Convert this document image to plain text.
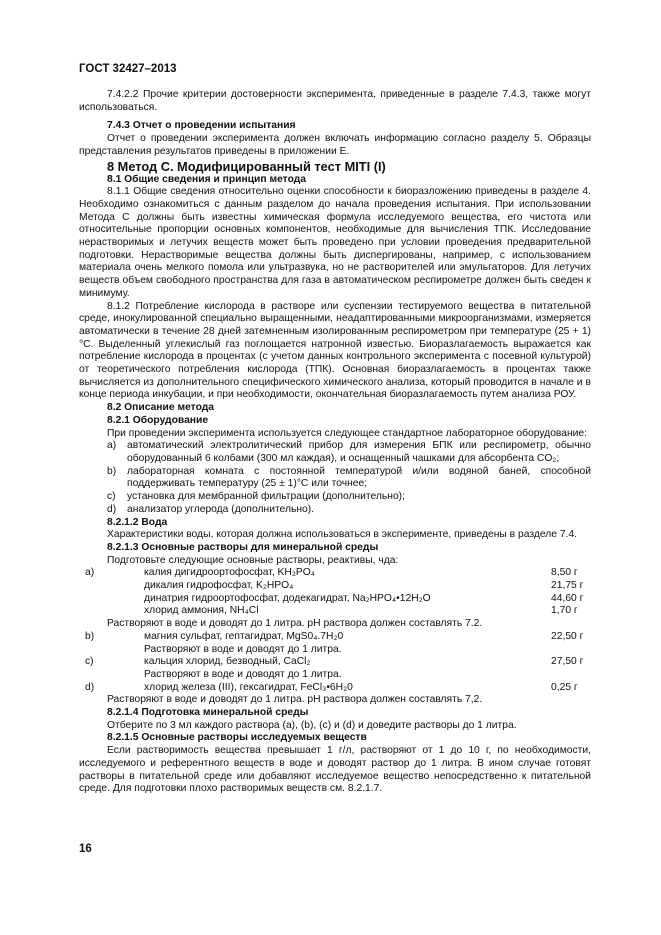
ГОСТ 32427–2013

7.4.2.2 Прочие критерии достоверности эксперимента, приведенные в разделе 7.4.3, также могут использоваться.

7.4.3 Отчет о проведении испытания

Отчет о проведении эксперимента должен включать информацию согласно разделу 5. Образцы представления результатов приведены в приложении Е.

8 Метод С. Модифицированный тест MITI (I)

8.1 Общие сведения и принцип метода

8.1.1 Общие сведения относительно оценки способности к биоразложению приведены в разделе 4. Необходимо ознакомиться с данным разделом до начала проведения испытания. При использовании Метода С должны быть известны химическая формула исследуемого вещества, его чистота или относительные пропорции основных компонентов, необходимые для вычисления ТПК. Исследование нерастворимых и летучих веществ может быть проведено при условии проведения предварительной подготовки. Нерастворимые вещества должны быть диспергированы, например, с использованием материала очень мелкого помола или ультразвука, но не растворителей или эмульгаторов. Для летучих веществ объем свободного пространства для газа в автоматическом респирометре должен быть сведен к минимуму.

8.1.2 Потребление кислорода в растворе или суспензии тестируемого вещества в питательной среде, инокулированной специально выращенными, неадаптированными микроорганизмами, измеряется автоматически в течение 28 дней затемненным изолированным респирометром при температуре (25 + 1)°С. Выделенный углекислый газ поглощается натронной известью. Биоразлагаемость выражается как потребление кислорода в процентах (с учетом данных контрольного эксперимента с посевной культурой) от теоретического потребления кислорода (ТПК). Основная биоразлагаемость в процентах также вычисляется из дополнительного специфического химического анализа, который проводится в начале и в конце периода инкубации, и при необходимости, окончательная биоразлагаемость путем анализа РОУ.

8.2 Описание метода

8.2.1 Оборудование

При проведении эксперимента используется следующее стандартное лабораторное оборудование:

a)	автоматический электролитический прибор для измерения БПК или респирометр, обычно оборудованный 6 колбами (300 мл каждая), и оснащенный чашками для абсорбента CO₂;
b)	лабораторная комната с постоянной температурой и/или водяной баней, способной поддерживать температуру (25 ± 1)°С или точнее;
c)	установка для мембранной фильтрации (дополнительно);
d)	анализатор углерода (дополнительно).

8.2.1.2 Вода

Характеристики воды, которая должна использоваться в эксперименте, приведены в разделе 7.4.

8.2.1.3 Основные растворы для минеральной среды

Подготовьте следующие основные растворы, реактивы, чда:

a)	калия дигидроортофосфат, KH₂PO₄	8,50 г
дикалия гидрофосфат, K₂HPO₄	21,75 г
динатрия гидроортофосфат, додекагидрат, Na₂HPO₄•12H₂O	44,60 г
хлорид аммония, NH₄Cl	1,70 г

Растворяют в воде и доводят до 1 литра. pH раствора должен составлять 7.2.

b)	магния сульфат, гептагидрат, MgS0₄.7H₂0	22,50 г

Растворяют в воде и доводят до 1 литра.

c)	кальция хлорид, безводный, CaCl₂	27,50 г

Растворяют в воде и доводят до 1 литра.

d)	хлорид железа (III), гексагидрат, FeCl₃•6H₂0	0,25 г

Растворяют в воде и доводят до 1 литра. pH раствора должен составлять 7,2.

8.2.1.4 Подготовка минеральной среды

Отберите по 3 мл каждого раствора (a), (b), (c) и (d) и доведите растворы до 1 литра.

8.2.1.5 Основные растворы исследуемых веществ

Если растворимость вещества превышает 1 г/л, растворяют от 1 до 10 г, по необходимости, исследуемого и референтного веществ в воде и доводят раствор до 1 литра. В ином случае готовят растворы в питательной среде или добавляют исследуемое вещество непосредственно к питательной среде. Для подготовки плохо растворимых веществ см. 8.2.1.7.

16
